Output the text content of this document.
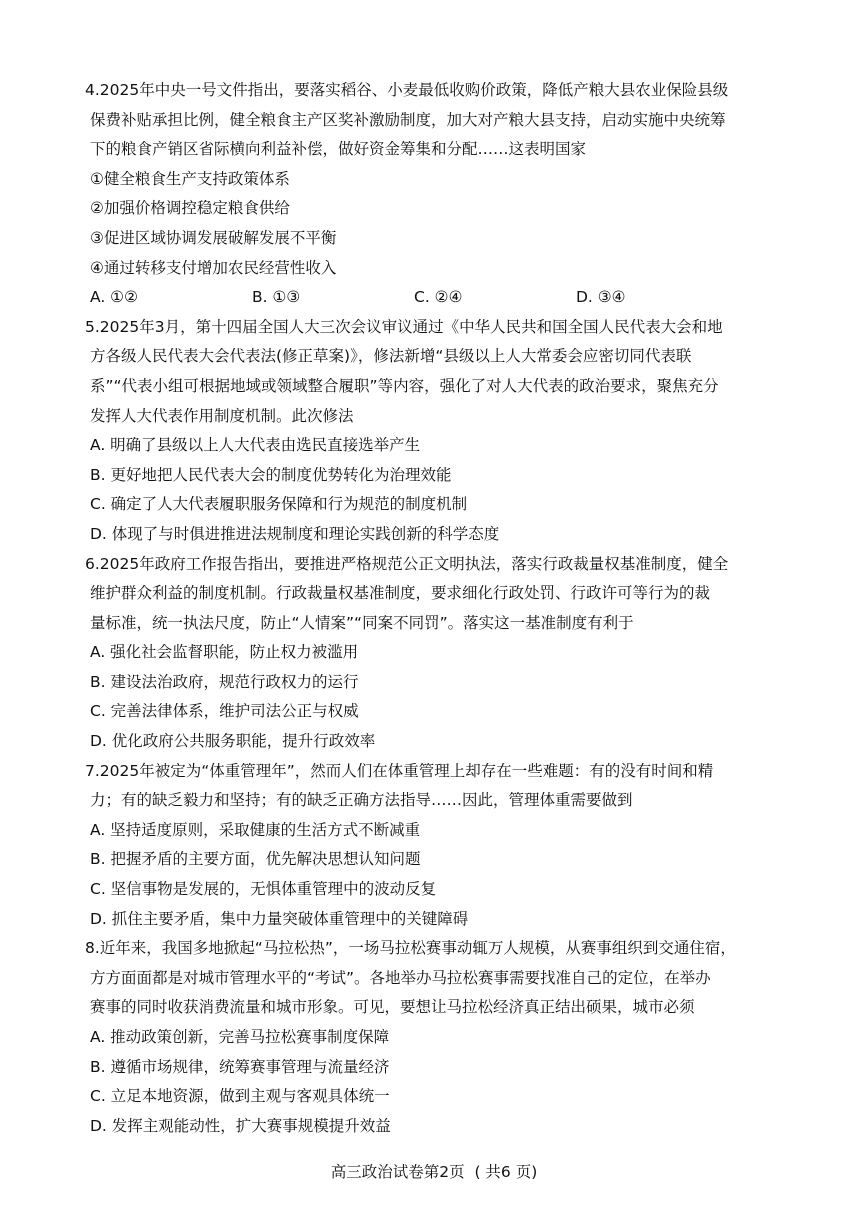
4.2025年中央一号文件指出，要落实稻谷、小麦最低收购价政策，降低产粮大县农业保险县级
保费补贴承担比例，健全粮食主产区奖补激励制度，加大对产粮大县支持，启动实施中央统筹
下的粮食产销区省际横向利益补偿，做好资金筹集和分配……这表明国家
①健全粮食生产支持政策体系
②加强价格调控稳定粮食供给
③促进区域协调发展破解发展不平衡
④通过转移支付增加农民经营性收入
A. ①②	B. ①③	C. ②④	D. ③④
5.2025年3月，第十四届全国人大三次会议审议通过《中华人民共和国全国人民代表大会和地
方各级人民代表大会代表法(修正草案)》，修法新增“县级以上人大常委会应密切同代表联
系”“代表小组可根据地域或领域整合履职”等内容，强化了对人大代表的政治要求，聚焦充分
发挥人大代表作用制度机制。此次修法
A. 明确了县级以上人大代表由选民直接选举产生
B. 更好地把人民代表大会的制度优势转化为治理效能
C. 确定了人大代表履职服务保障和行为规范的制度机制
D. 体现了与时俱进推进法规制度和理论实践创新的科学态度
6.2025年政府工作报告指出，要推进严格规范公正文明执法，落实行政裁量权基准制度，健全
维护群众利益的制度机制。行政裁量权基准制度，要求细化行政处罚、行政许可等行为的裁
量标准，统一执法尺度，防止“人情案”“同案不同罚”。落实这一基准制度有利于
A. 强化社会监督职能，防止权力被滥用
B. 建设法治政府，规范行政权力的运行
C. 完善法律体系，维护司法公正与权威
D. 优化政府公共服务职能，提升行政效率
7.2025年被定为“体重管理年”，然而人们在体重管理上却存在一些难题：有的没有时间和精
力；有的缺乏毅力和坚持；有的缺乏正确方法指导……因此，管理体重需要做到
A. 坚持适度原则，采取健康的生活方式不断减重
B. 把握矛盾的主要方面，优先解决思想认知问题
C. 坚信事物是发展的，无惧体重管理中的波动反复
D. 抓住主要矛盾，集中力量突破体重管理中的关键障碍
8.近年来，我国多地掀起“马拉松热”，一场马拉松赛事动辄万人规模，从赛事组织到交通住宿，
方方面面都是对城市管理水平的“考试”。各地举办马拉松赛事需要找准自己的定位，在举办
赛事的同时收获消费流量和城市形象。可见，要想让马拉松经济真正结出硕果，城市必须
A. 推动政策创新，完善马拉松赛事制度保障
B. 遵循市场规律，统筹赛事管理与流量经济
C. 立足本地资源，做到主观与客观具体统一
D. 发挥主观能动性，扩大赛事规模提升效益
高三政治试卷第2页  ( 共6 页)
